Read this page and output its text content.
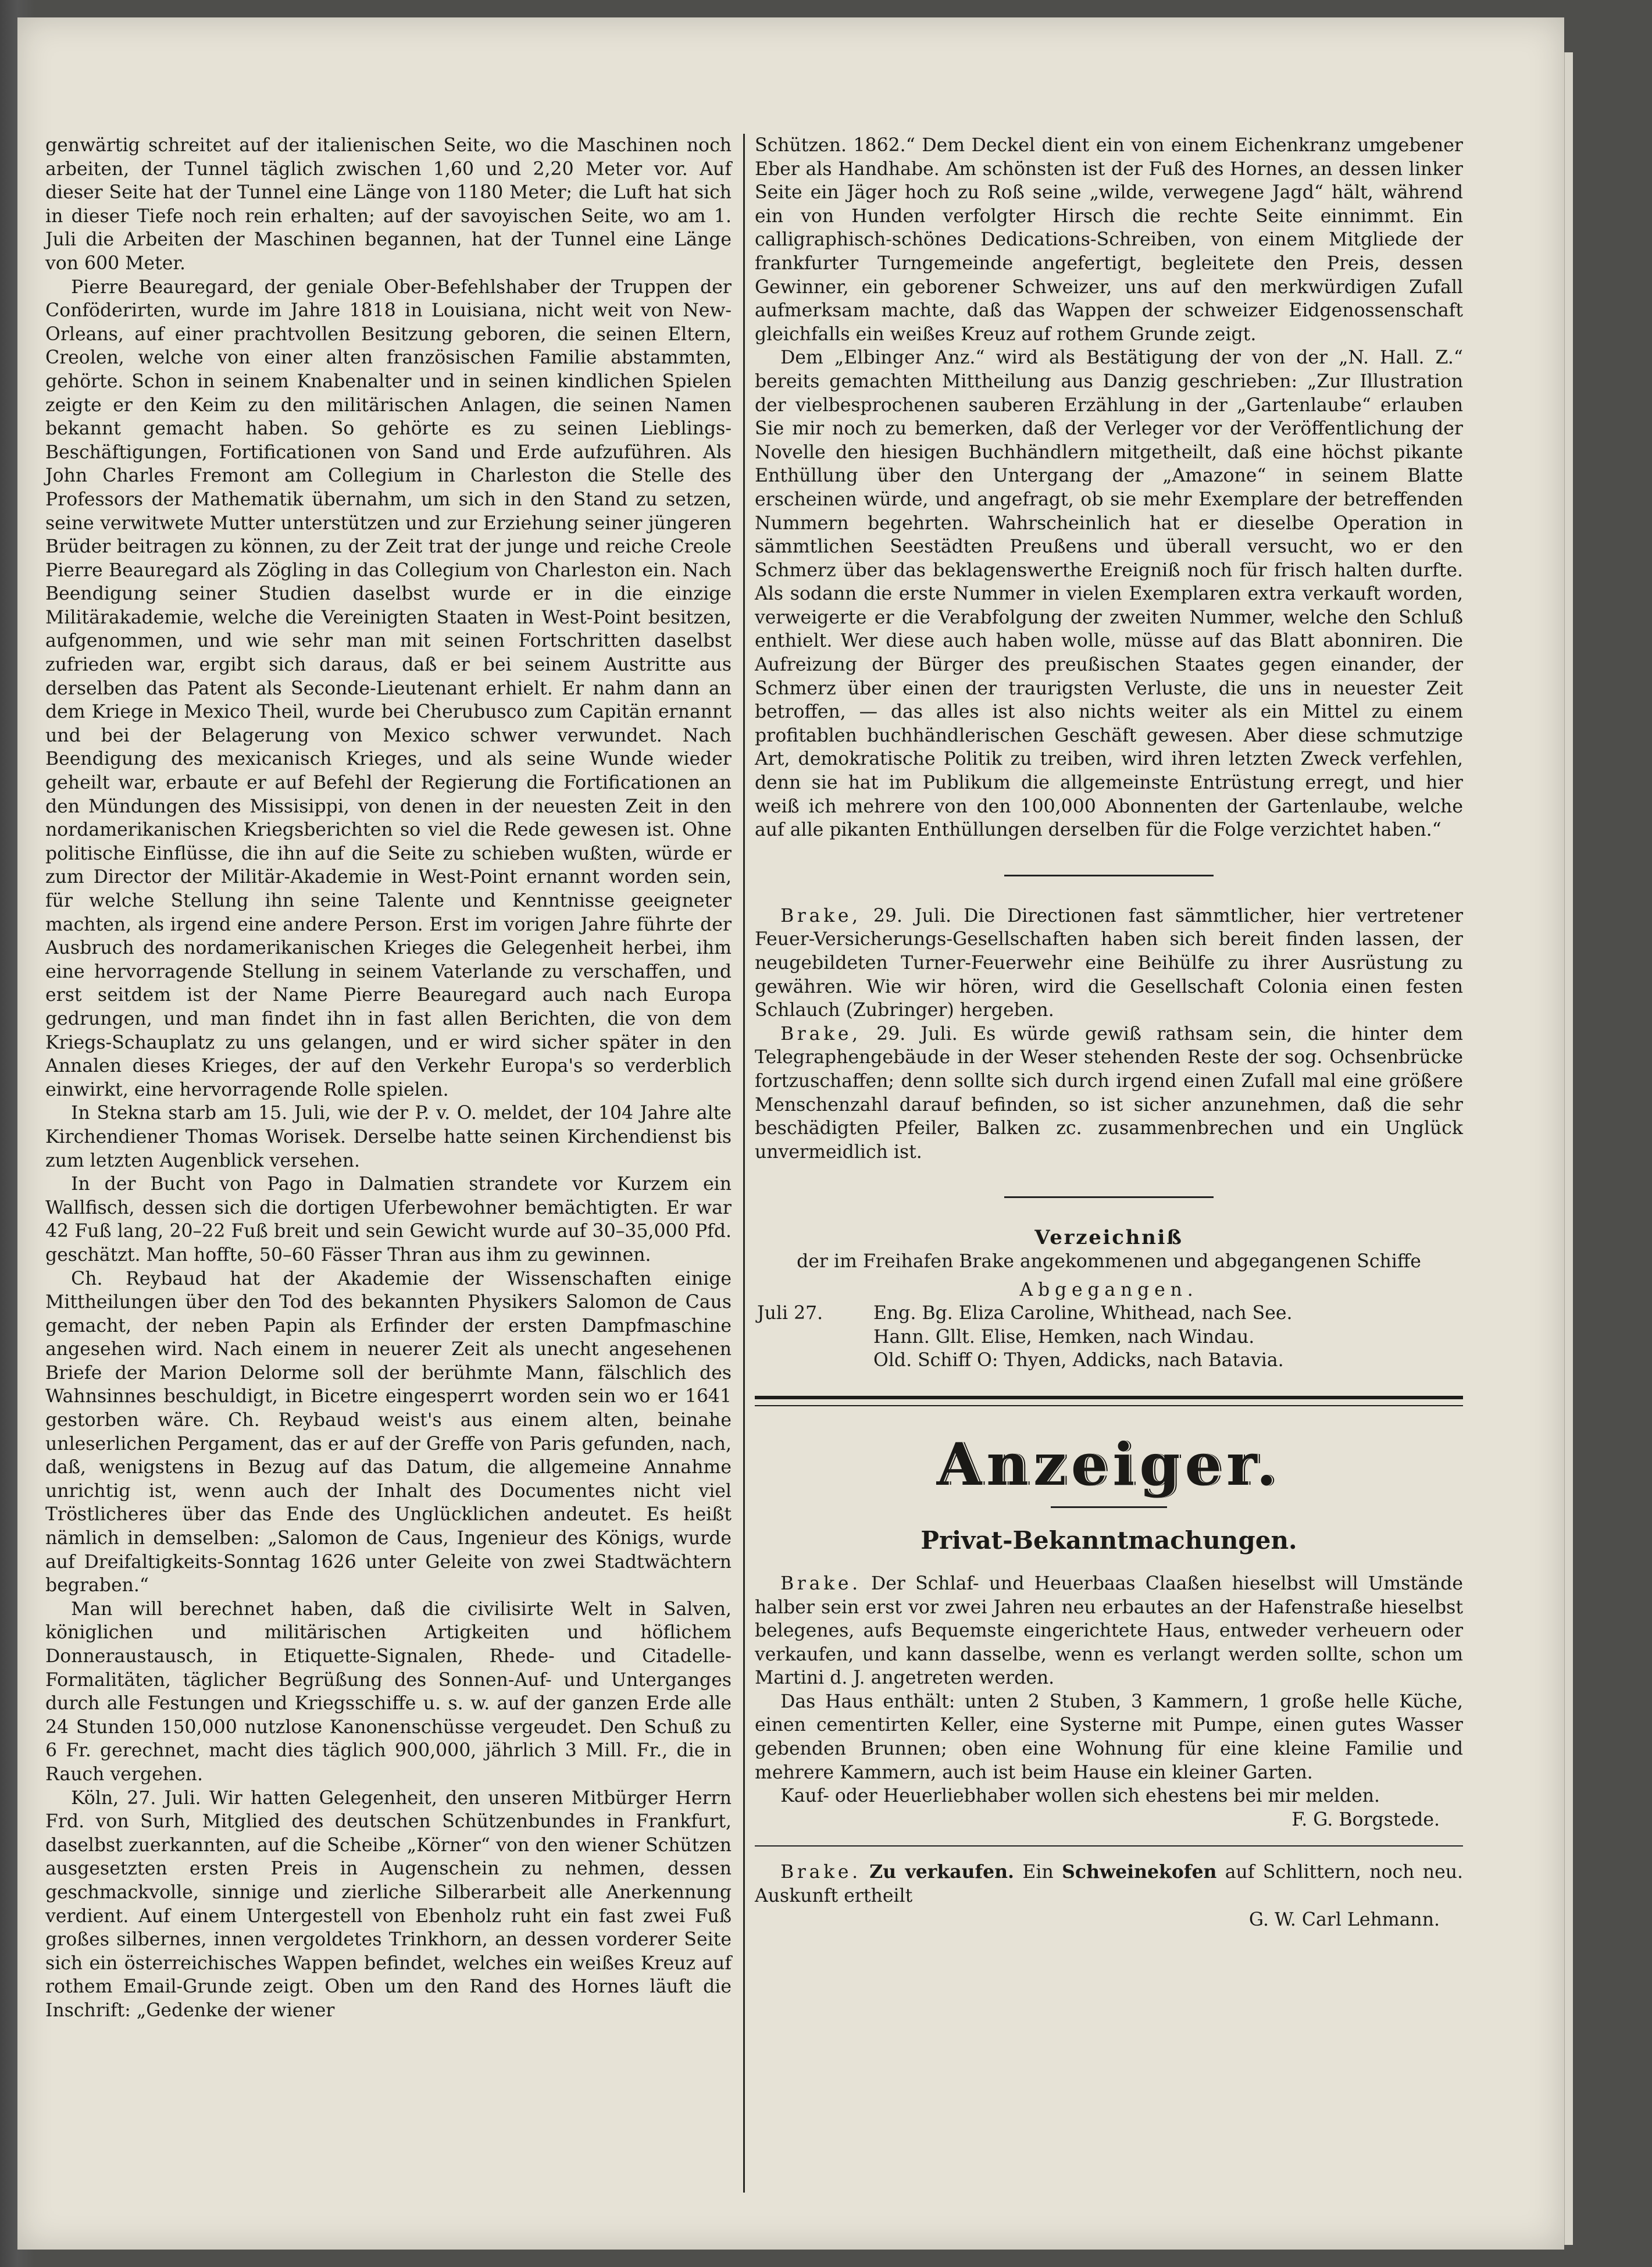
genwärtig schreitet auf der italienischen Seite, wo die Maschinen noch arbeiten, der Tunnel täglich zwischen 1,60 und 2,20 Meter vor. Auf dieser Seite hat der Tunnel eine Länge von 1180 Meter; die Luft hat sich in dieser Tiefe noch rein erhalten; auf der savoyischen Seite, wo am 1. Juli die Arbeiten der Maschinen begannen, hat der Tunnel eine Länge von 600 Meter.

Pierre Beauregard, der geniale Ober-Befehlshaber der Truppen der Conföderirten, wurde im Jahre 1818 in Louisiana, nicht weit von New-Orleans, auf einer prachtvollen Besitzung geboren, die seinen Eltern, Creolen, welche von einer alten französischen Familie abstammten, gehörte. Schon in seinem Knabenalter und in seinen kindlichen Spielen zeigte er den Keim zu den militärischen Anlagen, die seinen Namen bekannt gemacht haben. So gehörte es zu seinen Lieblings-Beschäftigungen, Fortificationen von Sand und Erde aufzuführen. Als John Charles Fremont am Collegium in Charleston die Stelle des Professors der Mathematik übernahm, um sich in den Stand zu setzen, seine verwitwete Mutter unterstützen und zur Erziehung seiner jüngeren Brüder beitragen zu können, zu der Zeit trat der junge und reiche Creole Pierre Beauregard als Zögling in das Collegium von Charleston ein. Nach Beendigung seiner Studien daselbst wurde er in die einzige Militärakademie, welche die Vereinigten Staaten in West-Point besitzen, aufgenommen, und wie sehr man mit seinen Fortschritten daselbst zufrieden war, ergibt sich daraus, daß er bei seinem Austritte aus derselben das Patent als Seconde-Lieutenant erhielt. Er nahm dann an dem Kriege in Mexico Theil, wurde bei Cherubusco zum Capitän ernannt und bei der Belagerung von Mexico schwer verwundet. Nach Beendigung des mexicanisch Krieges, und als seine Wunde wieder geheilt war, erbaute er auf Befehl der Regierung die Fortificationen an den Mündungen des Missisippi, von denen in der neuesten Zeit in den nordamerikanischen Kriegsberichten so viel die Rede gewesen ist. Ohne politische Einflüsse, die ihn auf die Seite zu schieben wußten, würde er zum Director der Militär-Akademie in West-Point ernannt worden sein, für welche Stellung ihn seine Talente und Kenntnisse geeigneter machten, als irgend eine andere Person. Erst im vorigen Jahre führte der Ausbruch des nordamerikanischen Krieges die Gelegenheit herbei, ihm eine hervorragende Stellung in seinem Vaterlande zu verschaffen, und erst seitdem ist der Name Pierre Beauregard auch nach Europa gedrungen, und man findet ihn in fast allen Berichten, die von dem Kriegs-Schauplatz zu uns gelangen, und er wird sicher später in den Annalen dieses Krieges, der auf den Verkehr Europa's so verderblich einwirkt, eine hervorragende Rolle spielen.

In Stekna starb am 15. Juli, wie der P. v. O. meldet, der 104 Jahre alte Kirchendiener Thomas Worisek. Derselbe hatte seinen Kirchendienst bis zum letzten Augenblick versehen.

In der Bucht von Pago in Dalmatien strandete vor Kurzem ein Wallfisch, dessen sich die dortigen Uferbewohner bemächtigten. Er war 42 Fuß lang, 20–22 Fuß breit und sein Gewicht wurde auf 30–35,000 Pfd. geschätzt. Man hoffte, 50–60 Fässer Thran aus ihm zu gewinnen.

Ch. Reybaud hat der Akademie der Wissenschaften einige Mittheilungen über den Tod des bekannten Physikers Salomon de Caus gemacht, der neben Papin als Erfinder der ersten Dampfmaschine angesehen wird. Nach einem in neuerer Zeit als unecht angesehenen Briefe der Marion Delorme soll der berühmte Mann, fälschlich des Wahnsinnes beschuldigt, in Bicetre eingesperrt worden sein wo er 1641 gestorben wäre. Ch. Reybaud weist's aus einem alten, beinahe unleserlichen Pergament, das er auf der Greffe von Paris gefunden, nach, daß, wenigstens in Bezug auf das Datum, die allgemeine Annahme unrichtig ist, wenn auch der Inhalt des Documentes nicht viel Tröstlicheres über das Ende des Unglücklichen andeutet. Es heißt nämlich in demselben: „Salomon de Caus, Ingenieur des Königs, wurde auf Dreifaltigkeits-Sonntag 1626 unter Geleite von zwei Stadtwächtern begraben.“

Man will berechnet haben, daß die civilisirte Welt in Salven, königlichen und militärischen Artigkeiten und höflichem Donneraustausch, in Etiquette-Signalen, Rhede- und Citadelle-Formalitäten, täglicher Begrüßung des Sonnen-Auf- und Unterganges durch alle Festungen und Kriegsschiffe u. s. w. auf der ganzen Erde alle 24 Stunden 150,000 nutzlose Kanonenschüsse vergeudet. Den Schuß zu 6 Fr. gerechnet, macht dies täglich 900,000, jährlich 3 Mill. Fr., die in Rauch vergehen.

Köln, 27. Juli. Wir hatten Gelegenheit, den unseren Mitbürger Herrn Frd. von Surh, Mitglied des deutschen Schützenbundes in Frankfurt, daselbst zuerkannten, auf die Scheibe „Körner“ von den wiener Schützen ausgesetzten ersten Preis in Augenschein zu nehmen, dessen geschmackvolle, sinnige und zierliche Silberarbeit alle Anerkennung verdient. Auf einem Untergestell von Ebenholz ruht ein fast zwei Fuß großes silbernes, innen vergoldetes Trinkhorn, an dessen vorderer Seite sich ein österreichisches Wappen befindet, welches ein weißes Kreuz auf rothem Email-Grunde zeigt. Oben um den Rand des Hornes läuft die Inschrift: „Gedenke der wiener

Schützen. 1862.“ Dem Deckel dient ein von einem Eichenkranz umgebener Eber als Handhabe. Am schönsten ist der Fuß des Hornes, an dessen linker Seite ein Jäger hoch zu Roß seine „wilde, verwegene Jagd“ hält, während ein von Hunden verfolgter Hirsch die rechte Seite einnimmt. Ein calligraphisch-schönes Dedications-Schreiben, von einem Mitgliede der frankfurter Turngemeinde angefertigt, begleitete den Preis, dessen Gewinner, ein geborener Schweizer, uns auf den merkwürdigen Zufall aufmerksam machte, daß das Wappen der schweizer Eidgenossenschaft gleichfalls ein weißes Kreuz auf rothem Grunde zeigt.

Dem „Elbinger Anz.“ wird als Bestätigung der von der „N. Hall. Z.“ bereits gemachten Mittheilung aus Danzig geschrieben: „Zur Illustration der vielbesprochenen sauberen Erzählung in der „Gartenlaube“ erlauben Sie mir noch zu bemerken, daß der Verleger vor der Veröffentlichung der Novelle den hiesigen Buchhändlern mitgetheilt, daß eine höchst pikante Enthüllung über den Untergang der „Amazone“ in seinem Blatte erscheinen würde, und angefragt, ob sie mehr Exemplare der betreffenden Nummern begehrten. Wahrscheinlich hat er dieselbe Operation in sämmtlichen Seestädten Preußens und überall versucht, wo er den Schmerz über das beklagenswerthe Ereigniß noch für frisch halten durfte. Als sodann die erste Nummer in vielen Exemplaren extra verkauft worden, verweigerte er die Verabfolgung der zweiten Nummer, welche den Schluß enthielt. Wer diese auch haben wolle, müsse auf das Blatt abonniren. Die Aufreizung der Bürger des preußischen Staates gegen einander, der Schmerz über einen der traurigsten Verluste, die uns in neuester Zeit betroffen, — das alles ist also nichts weiter als ein Mittel zu einem profitablen buchhändlerischen Geschäft gewesen. Aber diese schmutzige Art, demokratische Politik zu treiben, wird ihren letzten Zweck verfehlen, denn sie hat im Publikum die allgemeinste Entrüstung erregt, und hier weiß ich mehrere von den 100,000 Abonnenten der Gartenlaube, welche auf alle pikanten Enthüllungen derselben für die Folge verzichtet haben.“

Brake, 29. Juli. Die Directionen fast sämmtlicher, hier vertretener Feuer-Versicherungs-Gesellschaften haben sich bereit finden lassen, der neugebildeten Turner-Feuerwehr eine Beihülfe zu ihrer Ausrüstung zu gewähren. Wie wir hören, wird die Gesellschaft Colonia einen festen Schlauch (Zubringer) hergeben.

Brake, 29. Juli. Es würde gewiß rathsam sein, die hinter dem Telegraphengebäude in der Weser stehenden Reste der sog. Ochsenbrücke fortzuschaffen; denn sollte sich durch irgend einen Zufall mal eine größere Menschenzahl darauf befinden, so ist sicher anzunehmen, daß die sehr beschädigten Pfeiler, Balken zc. zusammenbrechen und ein Unglück unvermeidlich ist.

Verzeichniß

der im Freihafen Brake angekommenen und abgegangenen Schiffe

Abgegangen.

Juli 27.	Eng. Bg. Eliza Caroline, Whithead, nach See.
Hann. Gllt. Elise, Hemken, nach Windau.
Old. Schiff O: Thyen, Addicks, nach Batavia.
Anzeiger.
Privat-Bekanntmachungen.

Brake. Der Schlaf- und Heuerbaas Claaßen hieselbst will Umstände halber sein erst vor zwei Jahren neu erbautes an der Hafenstraße hieselbst belegenes, aufs Bequemste eingerichtete Haus, entweder verheuern oder verkaufen, und kann dasselbe, wenn es verlangt werden sollte, schon um Martini d. J. angetreten werden.

Das Haus enthält: unten 2 Stuben, 3 Kammern, 1 große helle Küche, einen cementirten Keller, eine Systerne mit Pumpe, einen gutes Wasser gebenden Brunnen; oben eine Wohnung für eine kleine Familie und mehrere Kammern, auch ist beim Hause ein kleiner Garten.

Kauf- oder Heuerliebhaber wollen sich ehestens bei mir melden.

F. G. Borgstede.

Brake. Zu verkaufen. Ein Schweinekofen auf Schlittern, noch neu. Auskunft ertheilt

G. W. Carl Lehmann.
